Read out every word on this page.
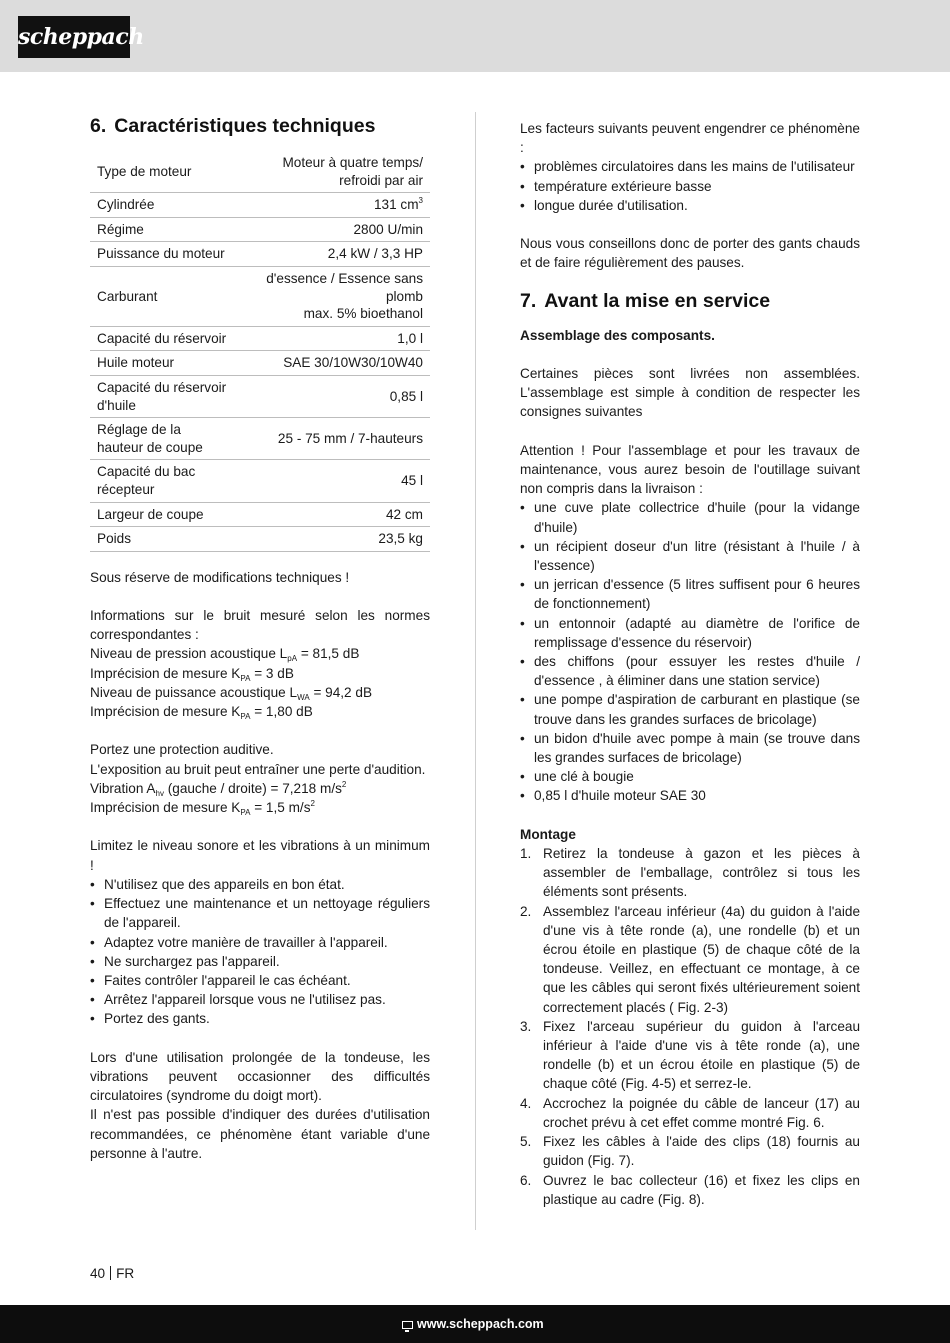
scheppach
6. Caractéristiques techniques
Type de moteur	Moteur à quatre temps/
refroidi par air
Cylindrée	131 $cm^3$
Régime	2800 U/min
Puissance du moteur	2,4 kW / 3,3 HP
Carburant	d'essence / Essence sans
plomb
max. 5% bioethanol
Capacité du réservoir	1,0 l
Huile moteur	SAE 30/10W30/10W40
Capacité du réservoir
d'huile	0,85 l
Réglage de la
hauteur de coupe	25 - 75 mm / 7-hauteurs
Capacité du bac
récepteur	45 l
Largeur de coupe	42 cm
Poids	23,5 kg

Sous réserve de modifications techniques !

Informations sur le bruit mesuré selon les normes correspondantes :

Niveau de pression acoustique $L_{pA} = 81,5$ dB
Imprécision de mesure $K_{PA} = 3$ dB
Niveau de puissance acoustique $L_{WA} = 94,2$ dB
Imprécision de mesure $K_{PA} = 1,80$ dB

Portez une protection auditive.

L'exposition au bruit peut entraîner une perte d'audition.

Vibration $A_{hv}$ (gauche / droite) = 7,218 $m/s^2$
Imprécision de mesure $K_{PA} = 1,5$ $m/s^2$

Limitez le niveau sonore et les vibrations à un minimum !

• N'utilisez que des appareils en bon état.
• Effectuez une maintenance et un nettoyage réguliers de l'appareil.
• Adaptez votre manière de travailler à l'appareil.
• Ne surchargez pas l'appareil.
• Faites contrôler l'appareil le cas échéant.
• Arrêtez l'appareil lorsque vous ne l'utilisez pas.
• Portez des gants.

Lors d'une utilisation prolongée de la tondeuse, les vibrations peuvent occasionner des difficultés circulatoires (syndrome du doigt mort).

Il n'est pas possible d'indiquer des durées d'utilisation recommandées, ce phénomène étant variable d'une personne à l'autre.

Les facteurs suivants peuvent engendrer ce phénomène :

• problèmes circulatoires dans les mains de l'utilisateur
• température extérieure basse
• longue durée d'utilisation.

Nous vous conseillons donc de porter des gants chauds et de faire régulièrement des pauses.

7. Avant la mise en service
Assemblage des composants.

Certaines pièces sont livrées non assemblées. L'assemblage est simple à condition de respecter les consignes suivantes

Attention ! Pour l'assemblage et pour les travaux de maintenance, vous aurez besoin de l'outillage suivant non compris dans la livraison :

• une cuve plate collectrice d'huile (pour la vidange d'huile)
• un récipient doseur d'un litre (résistant à l'huile / à l'essence)
• un jerrican d'essence (5 litres suffisent pour 6 heures de fonctionnement)
• un entonnoir (adapté au diamètre de l'orifice de remplissage d'essence du réservoir)
• des chiffons (pour essuyer les restes d'huile / d'essence , à éliminer dans une station service)
• une pompe d'aspiration de carburant en plastique (se trouve dans les grandes surfaces de bricolage)
• un bidon d'huile avec pompe à main (se trouve dans les grandes surfaces de bricolage)
• une clé à bougie
• 0,85 l d'huile moteur SAE 30
Montage
1. Retirez la tondeuse à gazon et les pièces à assembler de l'emballage, contrôlez si tous les éléments sont présents.
2. Assemblez l'arceau inférieur (4a) du guidon à l'aide d'une vis à tête ronde (a), une rondelle (b) et un écrou étoile en plastique (5) de chaque côté de la tondeuse. Veillez, en effectuant ce montage, à ce que les câbles qui seront fixés ultérieurement soient correctement placés ( Fig. 2-3)
3. Fixez l'arceau supérieur du guidon à l'arceau inférieur à l'aide d'une vis à tête ronde (a), une rondelle (b) et un écrou étoile en plastique (5) de chaque côté (Fig. 4-5) et serrez-le.
4. Accrochez la poignée du câble de lanceur (17) au crochet prévu à cet effet comme montré Fig. 6.
5. Fixez les câbles à l'aide des clips (18) fournis au guidon (Fig. 7).
6. Ouvrez le bac collecteur (16) et fixez les clips en plastique au cadre (Fig. 8).
40 FR
www.scheppach.com
